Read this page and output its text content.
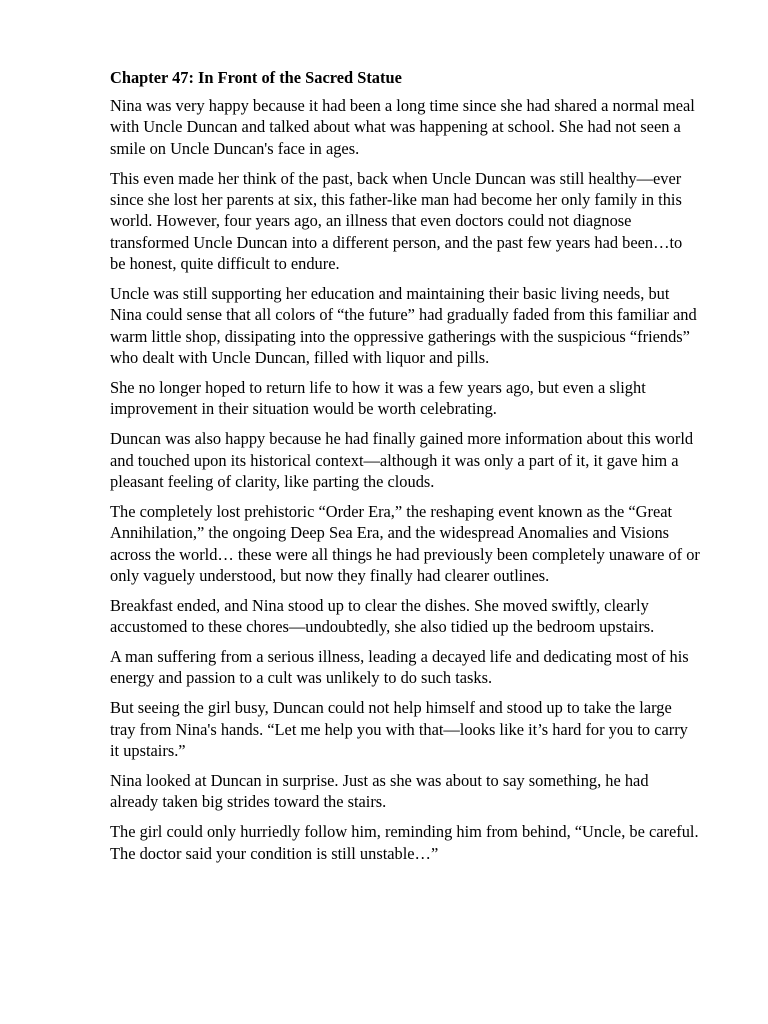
Chapter 47: In Front of the Sacred Statue

Nina was very happy because it had been a long time since she had shared a normal meal with Uncle Duncan and talked about what was happening at school. She had not seen a smile on Uncle Duncan's face in ages.

This even made her think of the past, back when Uncle Duncan was still healthy—ever since she lost her parents at six, this father-like man had become her only family in this world. However, four years ago, an illness that even doctors could not diagnose transformed Uncle Duncan into a different person, and the past few years had been…to be honest, quite difficult to endure.

Uncle was still supporting her education and maintaining their basic living needs, but Nina could sense that all colors of “the future” had gradually faded from this familiar and warm little shop, dissipating into the oppressive gatherings with the suspicious “friends” who dealt with Uncle Duncan, filled with liquor and pills.

She no longer hoped to return life to how it was a few years ago, but even a slight improvement in their situation would be worth celebrating.

Duncan was also happy because he had finally gained more information about this world and touched upon its historical context—although it was only a part of it, it gave him a pleasant feeling of clarity, like parting the clouds.

The completely lost prehistoric “Order Era,” the reshaping event known as the “Great Annihilation,” the ongoing Deep Sea Era, and the widespread Anomalies and Visions across the world… these were all things he had previously been completely unaware of or only vaguely understood, but now they finally had clearer outlines.

Breakfast ended, and Nina stood up to clear the dishes. She moved swiftly, clearly accustomed to these chores—undoubtedly, she also tidied up the bedroom upstairs.

A man suffering from a serious illness, leading a decayed life and dedicating most of his energy and passion to a cult was unlikely to do such tasks.

But seeing the girl busy, Duncan could not help himself and stood up to take the large tray from Nina's hands. “Let me help you with that—looks like it’s hard for you to carry it upstairs.”

Nina looked at Duncan in surprise. Just as she was about to say something, he had already taken big strides toward the stairs.

The girl could only hurriedly follow him, reminding him from behind, “Uncle, be careful. The doctor said your condition is still unstable…”
